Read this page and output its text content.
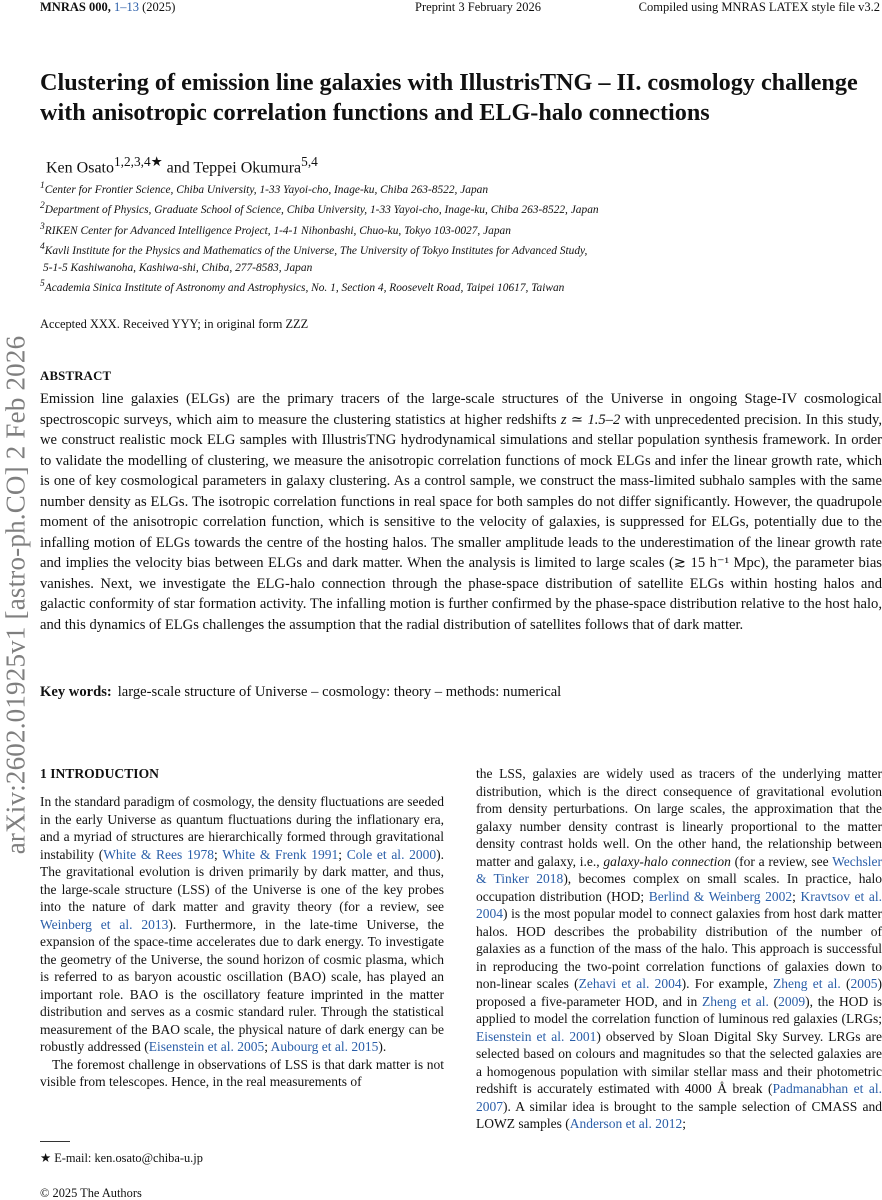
MNRAS 000, 1–13 (2025)	Preprint 3 February 2026	Compiled using MNRAS LATEX style file v3.2
arXiv:2602.01925v1 [astro-ph.CO] 2 Feb 2026
Clustering of emission line galaxies with IllustrisTNG – II. cosmology challenge with anisotropic correlation functions and ELG-halo connections
Ken Osato$^{1,2,3,4★}$ and Teppei Okumura$^{5,4}$
$^1$Center for Frontier Science, Chiba University, 1-33 Yayoi-cho, Inage-ku, Chiba 263-8522, Japan
$^2$Department of Physics, Graduate School of Science, Chiba University, 1-33 Yayoi-cho, Inage-ku, Chiba 263-8522, Japan
$^3$RIKEN Center for Advanced Intelligence Project, 1-4-1 Nihonbashi, Chuo-ku, Tokyo 103-0027, Japan
$^4$Kavli Institute for the Physics and Mathematics of the Universe, The University of Tokyo Institutes for Advanced Study,
5-1-5 Kashiwanoha, Kashiwa-shi, Chiba, 277-8583, Japan
$^5$Academia Sinica Institute of Astronomy and Astrophysics, No. 1, Section 4, Roosevelt Road, Taipei 10617, Taiwan
Accepted XXX. Received YYY; in original form ZZZ
ABSTRACT

Emission line galaxies (ELGs) are the primary tracers of the large-scale structures of the Universe in ongoing Stage-IV cosmological spectroscopic surveys, which aim to measure the clustering statistics at higher redshifts z ≃ 1.5–2 with unprecedented precision. In this study, we construct realistic mock ELG samples with IllustrisTNG hydrodynamical simulations and stellar population synthesis framework. In order to validate the modelling of clustering, we measure the anisotropic correlation functions of mock ELGs and infer the linear growth rate, which is one of key cosmological parameters in galaxy clustering. As a control sample, we construct the mass-limited subhalo samples with the same number density as ELGs. The isotropic correlation functions in real space for both samples do not differ significantly. However, the quadrupole moment of the anisotropic correlation function, which is sensitive to the velocity of galaxies, is suppressed for ELGs, potentially due to the infalling motion of ELGs towards the centre of the hosting halos. The smaller amplitude leads to the underestimation of the linear growth rate and implies the velocity bias between ELGs and dark matter. When the analysis is limited to large scales (≳ 15 h⁻¹ Mpc), the parameter bias vanishes. Next, we investigate the ELG-halo connection through the phase-space distribution of satellite ELGs within hosting halos and galactic conformity of star formation activity. The infalling motion is further confirmed by the phase-space distribution relative to the host halo, and this dynamics of ELGs challenges the assumption that the radial distribution of satellites follows that of dark matter.

Key words: large-scale structure of Universe – cosmology: theory – methods: numerical
1 INTRODUCTION

In the standard paradigm of cosmology, the density fluctuations are seeded in the early Universe as quantum fluctuations during the inflationary era, and a myriad of structures are hierarchically formed through gravitational instability (White & Rees 1978; White & Frenk 1991; Cole et al. 2000). The gravitational evolution is driven primarily by dark matter, and thus, the large-scale structure (LSS) of the Universe is one of the key probes into the nature of dark matter and gravity theory (for a review, see Weinberg et al. 2013). Furthermore, in the late-time Universe, the expansion of the space-time accelerates due to dark energy. To investigate the geometry of the Universe, the sound horizon of cosmic plasma, which is referred to as baryon acoustic oscillation (BAO) scale, has played an important role. BAO is the oscillatory feature imprinted in the matter distribution and serves as a cosmic standard ruler. Through the statistical measurement of the BAO scale, the physical nature of dark energy can be robustly addressed (Eisenstein et al. 2005; Aubourg et al. 2015).

The foremost challenge in observations of LSS is that dark matter is not visible from telescopes. Hence, in the real measurements of

the LSS, galaxies are widely used as tracers of the underlying matter distribution, which is the direct consequence of gravitational evolution from density perturbations. On large scales, the approximation that the galaxy number density contrast is linearly proportional to the matter density contrast holds well. On the other hand, the relationship between matter and galaxy, i.e., galaxy-halo connection (for a review, see Wechsler & Tinker 2018), becomes complex on small scales. In practice, halo occupation distribution (HOD; Berlind & Weinberg 2002; Kravtsov et al. 2004) is the most popular model to connect galaxies from host dark matter halos. HOD describes the probability distribution of the number of galaxies as a function of the mass of the halo. This approach is successful in reproducing the two-point correlation functions of galaxies down to non-linear scales (Zehavi et al. 2004). For example, Zheng et al. (2005) proposed a five-parameter HOD, and in Zheng et al. (2009), the HOD is applied to model the correlation function of luminous red galaxies (LRGs; Eisenstein et al. 2001) observed by Sloan Digital Sky Survey. LRGs are selected based on colours and magnitudes so that the selected galaxies are a homogenous population with similar stellar mass and their photometric redshift is accurately estimated with 4000 Å break (Padmanabhan et al. 2007). A similar idea is brought to the sample selection of CMASS and LOWZ samples (Anderson et al. 2012;

★ E-mail: ken.osato@chiba-u.jp
© 2025 The Authors
